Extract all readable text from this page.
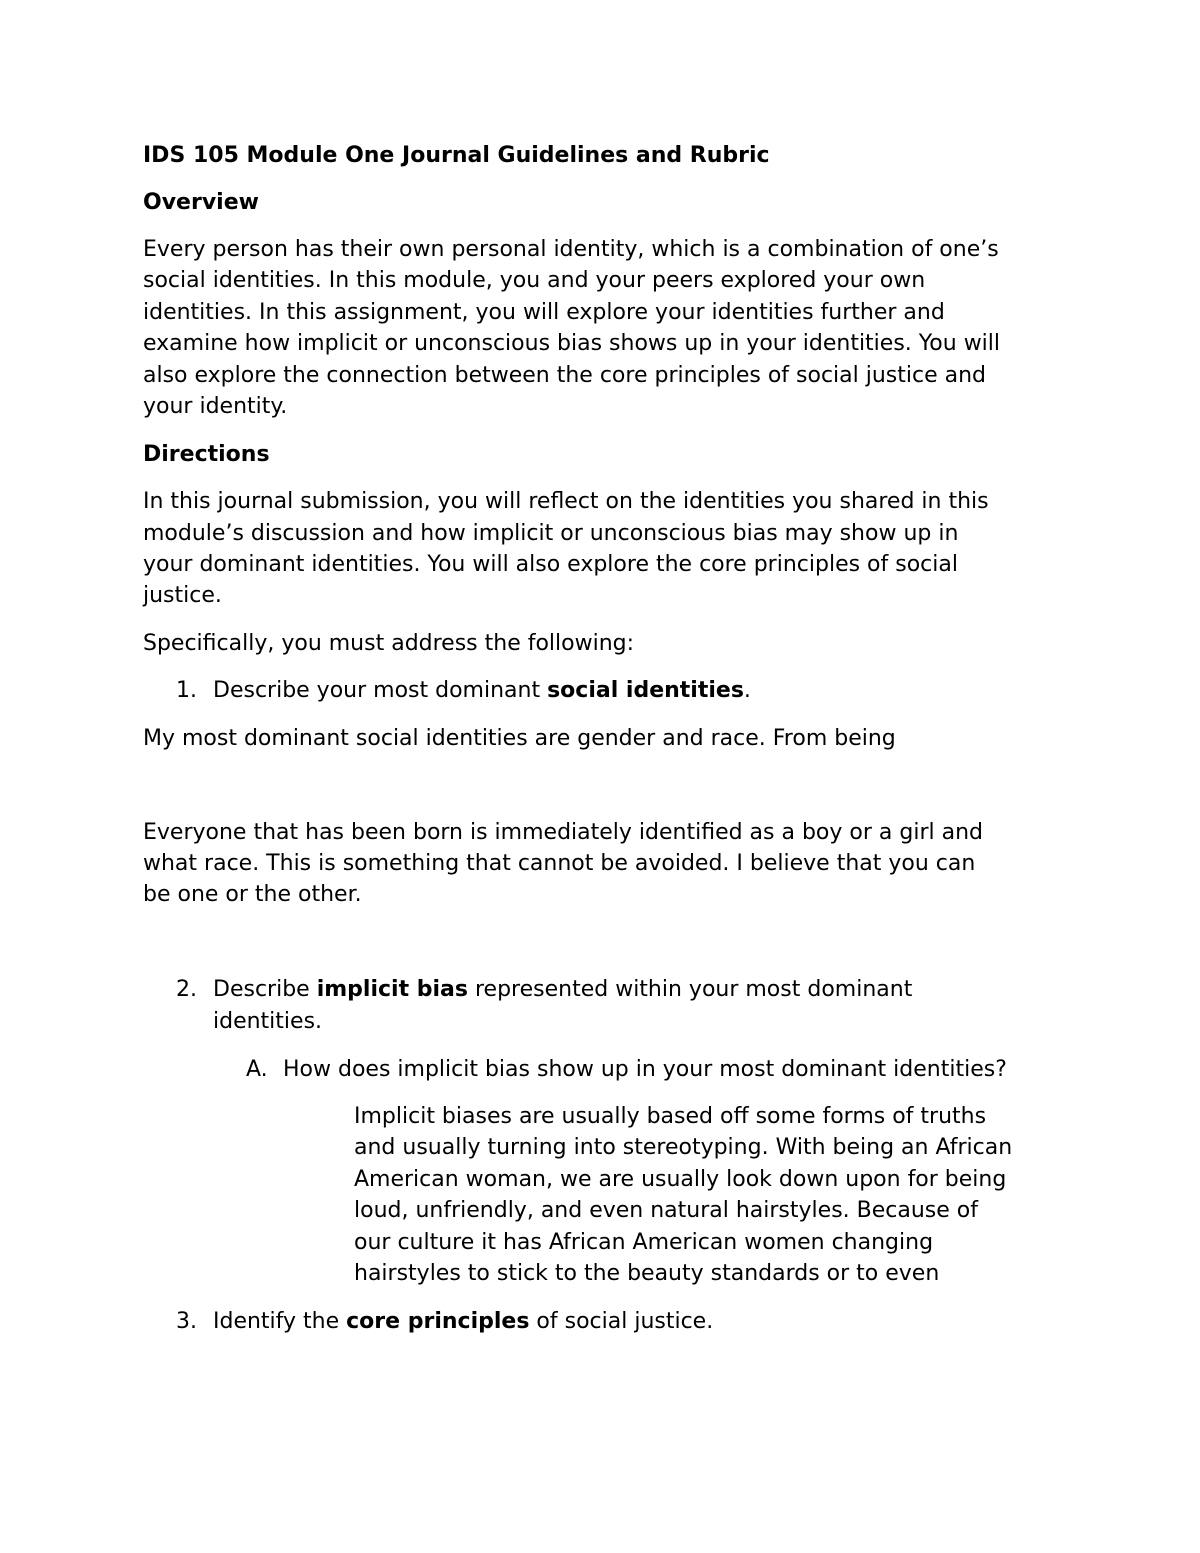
IDS 105 Module One Journal Guidelines and Rubric

Overview

Every person has their own personal identity, which is a combination of one’s

social identities. In this module, you and your peers explored your own

identities. In this assignment, you will explore your identities further and

examine how implicit or unconscious bias shows up in your identities. You will

also explore the connection between the core principles of social justice and

your identity.

Directions

In this journal submission, you will reflect on the identities you shared in this

module’s discussion and how implicit or unconscious bias may show up in

your dominant identities. You will also explore the core principles of social

justice.

Specifically, you must address the following:

1. Describe your most dominant social identities.

My most dominant social identities are gender and race. From being

Everyone that has been born is immediately identified as a boy or a girl and

what race. This is something that cannot be avoided. I believe that you can

be one or the other.

2. Describe implicit bias represented within your most dominant

identities.

A. How does implicit bias show up in your most dominant identities?

Implicit biases are usually based off some forms of truths

and usually turning into stereotyping. With being an African

American woman, we are usually look down upon for being

loud, unfriendly, and even natural hairstyles. Because of

our culture it has African American women changing

hairstyles to stick to the beauty standards or to even

3. Identify the core principles of social justice.
